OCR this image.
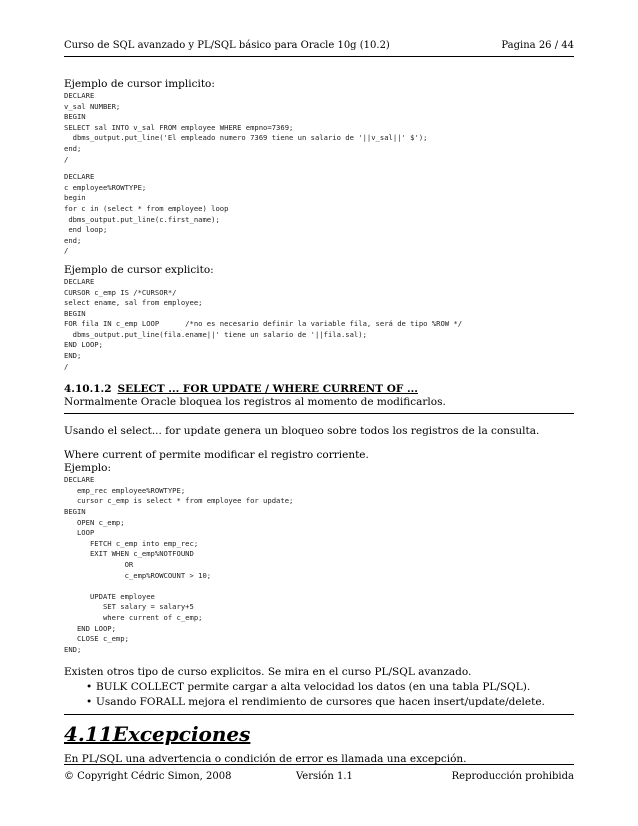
Curso de SQL avanzado y PL/SQL básico para Oracle 10g (10.2)	Pagina 26 / 44

Ejemplo de cursor implicito:

DECLARE
v_sal NUMBER;
BEGIN
SELECT sal INTO v_sal FROM employee WHERE empno=7369;
dbms_output.put_line('El empleado numero 7369 tiene un salario de '||v_sal||' $');
end;
/
DECLARE
c employee%ROWTYPE;
begin
for c in (select * from employee) loop
dbms_output.put_line(c.first_name);
end loop;
end;
/

Ejemplo de cursor explicito:

DECLARE
CURSOR c_emp IS /*CURSOR*/
select ename, sal from employee;
BEGIN
FOR fila IN c_emp LOOP      /*no es necesario definir la variable fila, será de tipo %ROW */
dbms_output.put_line(fila.ename||' tiene un salario de '||fila.sal);
END LOOP;
END;
/

4.10.1.2 SELECT ... FOR UPDATE / WHERE CURRENT OF ...

Normalmente Oracle bloquea los registros al momento de modificarlos.

Usando el select... for update genera un bloqueo sobre todos los registros de la consulta.

Where current of permite modificar el registro corriente.

Ejemplo:

DECLARE
emp_rec employee%ROWTYPE;
cursor c_emp is select * from employee for update;
BEGIN
OPEN c_emp;
LOOP
FETCH c_emp into emp_rec;
EXIT WHEN c_emp%NOTFOUND
OR
c_emp%ROWCOUNT > 10;

UPDATE employee
SET salary = salary+5
where current of c_emp;
END LOOP;
CLOSE c_emp;
END;

Existen otros tipo de curso explicitos. Se mira en el curso PL/SQL avanzado.

• BULK COLLECT permite cargar a alta velocidad los datos (en una tabla PL/SQL).
• Usando FORALL mejora el rendimiento de cursores que hacen insert/update/delete.

4.11Excepciones

En PL/SQL una advertencia o condición de error es llamada una excepción.

© Copyright Cédric Simon, 2008	Versión 1.1	Reproducción prohibida
